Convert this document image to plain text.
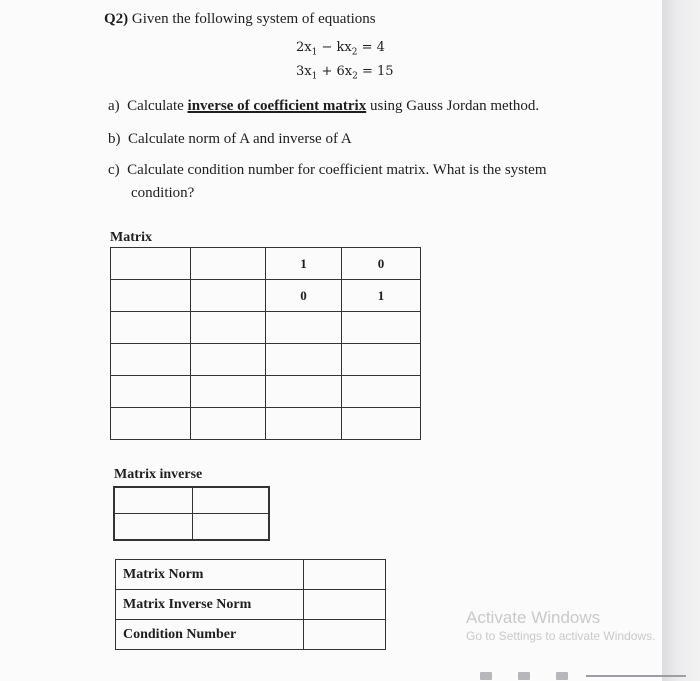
Q2) Given the following system of equations
$2x_1 - kx_2 = 4$
$3x_1 + 6x_2 = 15$
a) Calculate inverse of coefficient matrix using Gauss Jordan method.
b) Calculate norm of A and inverse of A
c) Calculate condition number for coefficient matrix. What is the system
condition?
Matrix
		1	0
		0	1

Matrix inverse

Matrix Norm	
Matrix Inverse Norm	
Condition Number	
Activate Windows
Go to Settings to activate Windows.
